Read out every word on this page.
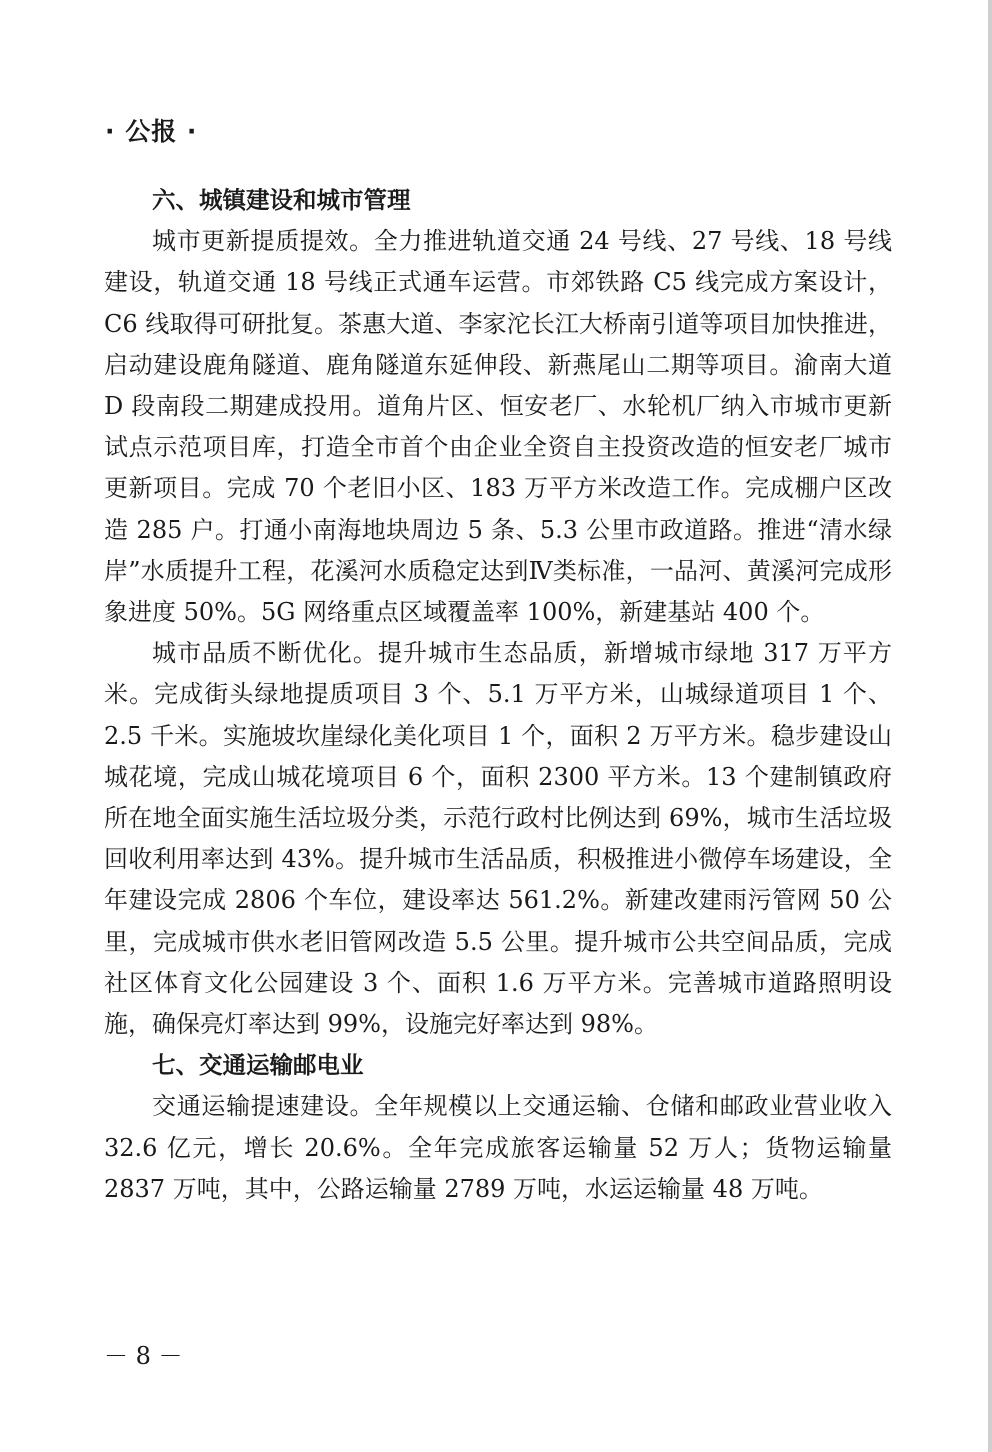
· 公报 ·
六、城镇建设和城市管理

城市更新提质提效。全力推进轨道交通 24 号线、27 号线、18 号线建设，轨道交通 18 号线正式通车运营。市郊铁路 C5 线完成方案设计，C6 线取得可研批复。茶惠大道、李家沱长江大桥南引道等项目加快推进，启动建设鹿角隧道、鹿角隧道东延伸段、新燕尾山二期等项目。渝南大道 D 段南段二期建成投用。道角片区、恒安老厂、水轮机厂纳入市城市更新试点示范项目库，打造全市首个由企业全资自主投资改造的恒安老厂城市更新项目。完成 70 个老旧小区、183 万平方米改造工作。完成棚户区改造 285 户。打通小南海地块周边 5 条、5.3 公里市政道路。推进“清水绿岸”水质提升工程，花溪河水质稳定达到Ⅳ类标准，一品河、黄溪河完成形象进度 50%。5G 网络重点区域覆盖率 100%，新建基站 400 个。

城市品质不断优化。提升城市生态品质，新增城市绿地 317 万平方米。完成街头绿地提质项目 3 个、5.1 万平方米，山城绿道项目 1 个、2.5 千米。实施坡坎崖绿化美化项目 1 个，面积 2 万平方米。稳步建设山城花境，完成山城花境项目 6 个，面积 2300 平方米。13 个建制镇政府所在地全面实施生活垃圾分类，示范行政村比例达到 69%，城市生活垃圾回收利用率达到 43%。提升城市生活品质，积极推进小微停车场建设，全年建设完成 2806 个车位，建设率达 561.2%。新建改建雨污管网 50 公里，完成城市供水老旧管网改造 5.5 公里。提升城市公共空间品质，完成社区体育文化公园建设 3 个、面积 1.6 万平方米。完善城市道路照明设施，确保亮灯率达到 99%，设施完好率达到 98%。

七、交通运输邮电业

交通运输提速建设。全年规模以上交通运输、仓储和邮政业营业收入 32.6 亿元，增长 20.6%。全年完成旅客运输量 52 万人；货物运输量 2837 万吨，其中，公路运输量 2789 万吨，水运运输量 48 万吨。

－ 8 －
